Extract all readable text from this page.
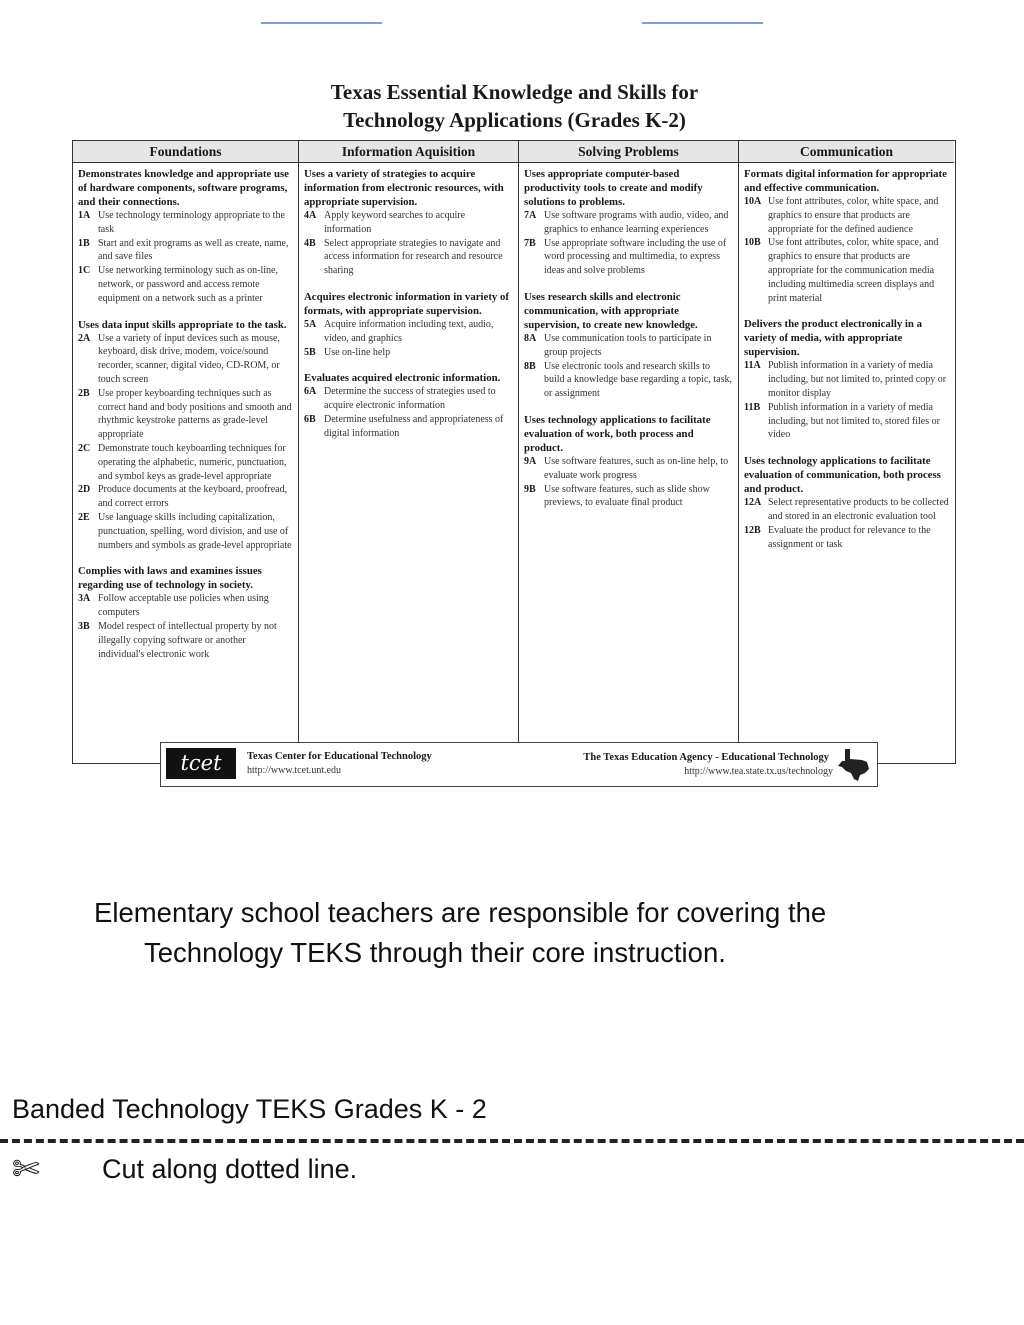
Texas Essential Knowledge and Skills for
Technology Applications (Grades K-2)
Foundations
Demonstrates knowledge and appropriate use of hardware components, software programs, and their connections.
1A Use technology terminology appropriate to the task
1B Start and exit programs as well as create, name, and save files
1C Use networking terminology such as on-line, network, or password and access remote equipment on a network such as a printer
Uses data input skills appropriate to the task.
2A Use a variety of input devices such as mouse, keyboard, disk drive, modem, voice/sound recorder, scanner, digital video, CD-ROM, or touch screen
2B Use proper keyboarding techniques such as correct hand and body positions and smooth and rhythmic keystroke patterns as grade-level appropriate
2C Demonstrate touch keyboarding techniques for operating the alphabetic, numeric, punctuation, and symbol keys as grade-level appropriate
2D Produce documents at the keyboard, proofread, and correct errors
2E Use language skills including capitalization, punctuation, spelling, word division, and use of numbers and symbols as grade-level appropriate
Complies with laws and examines issues regarding use of technology in society.
3A Follow acceptable use policies when using computers
3B Model respect of intellectual property by not illegally copying software or another individual's electronic work
Information Aquisition
Uses a variety of strategies to acquire information from electronic resources, with appropriate supervision.
4A Apply keyword searches to acquire information
4B Select appropriate strategies to navigate and access information for research and resource sharing
Acquires electronic information in variety of formats, with appropriate supervision.
5A Acquire information including text, audio, video, and graphics
5B Use on-line help
Evaluates acquired electronic information.
6A Determine the success of strategies used to acquire electronic information
6B Determine usefulness and appropriateness of digital information
Solving Problems
Uses appropriate computer-based productivity tools to create and modify solutions to problems.
7A Use software programs with audio, video, and graphics to enhance learning experiences
7B Use appropriate software including the use of word processing and multimedia, to express ideas and solve problems
Uses research skills and electronic communication, with appropriate supervision, to create new knowledge.
8A Use communication tools to participate in group projects
8B Use electronic tools and research skills to build a knowledge base regarding a topic, task, or assignment
Uses technology applications to facilitate evaluation of work, both process and product.
9A Use software features, such as on-line help, to evaluate work progress
9B Use software features, such as slide show previews, to evaluate final product
Communication
Formats digital information for appropriate and effective communication.
10A Use font attributes, color, white space, and graphics to ensure that products are appropriate for the defined audience
10B Use font attributes, color, white space, and graphics to ensure that products are appropriate for the communication media including multimedia screen displays and print material
Delivers the product electronically in a variety of media, with appropriate supervision.
11A Publish information in a variety of media including, but not limited to, printed copy or monitor display
11B Publish information in a variety of media including, but not limited to, stored files or video
Uses technology applications to facilitate evaluation of communication, both process and product.
12A Select representative products to be collected and stored in an electronic evaluation tool
12B Evaluate the product for relevance to the assignment or task
tcet	Texas Center for Educational Technology
http://www.tcet.unt.edu
The Texas Education Agency - Educational Technology
http://www.tea.state.tx.us/technology
Elementary school teachers are responsible for covering the
Technology TEKS through their core instruction.
Banded Technology TEKS Grades K - 2
✄ Cut along dotted line.
